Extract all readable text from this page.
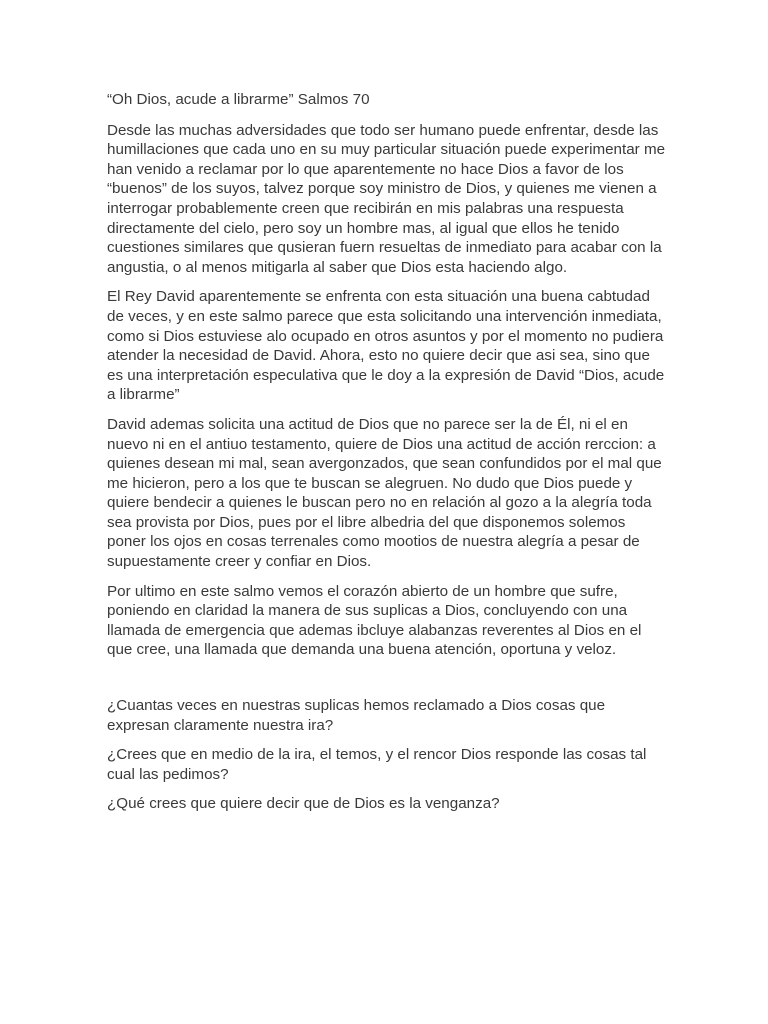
“Oh Dios, acude a librarme” Salmos 70

Desde las muchas adversidades que todo ser humano puede enfrentar, desde las humillaciones que cada uno en su muy particular situación puede experimentar me han venido a reclamar por lo que aparentemente no hace Dios a favor de los “buenos” de los suyos, talvez porque soy ministro de Dios, y quienes me vienen a interrogar probablemente creen que recibirán en mis palabras una respuesta directamente del cielo, pero soy un hombre mas, al igual que ellos he tenido cuestiones similares que qusieran fuern resueltas de inmediato para acabar con la angustia, o al menos mitigarla al saber que Dios esta haciendo algo.

El Rey David aparentemente se enfrenta con esta situación una buena cabtudad de veces, y en este salmo parece que esta solicitando una intervención inmediata, como si Dios estuviese alo ocupado en otros asuntos y por el momento no pudiera atender la necesidad de David. Ahora, esto no quiere decir que asi sea, sino que es una interpretación especulativa que le doy a la expresión de David “Dios, acude a librarme”

David ademas solicita una actitud de Dios que no parece ser la de Él, ni el en nuevo ni en el antiuo testamento, quiere de Dios una actitud de acción rerccion: a quienes desean mi mal, sean avergonzados, que sean confundidos por el mal que me hicieron, pero a los que te buscan se alegruen. No dudo que Dios puede y quiere bendecir a quienes le buscan pero no en relación al gozo a la alegría toda sea provista por Dios, pues por el libre albedria del que disponemos solemos poner los ojos en cosas terrenales como mootios de nuestra alegría a pesar de supuestamente creer y confiar en Dios.

Por ultimo en este salmo vemos el corazón abierto de un hombre que sufre, poniendo en claridad la manera de sus suplicas a Dios, concluyendo con una llamada de emergencia que ademas ibcluye alabanzas reverentes al Dios en el que cree, una llamada que demanda una buena atención, oportuna y veloz.

¿Cuantas veces en nuestras suplicas hemos reclamado a Dios cosas que expresan claramente nuestra ira?

¿Crees que en medio de la ira, el temos, y el rencor Dios responde las cosas tal cual las pedimos?

¿Qué crees que quiere decir que de Dios es la venganza?
